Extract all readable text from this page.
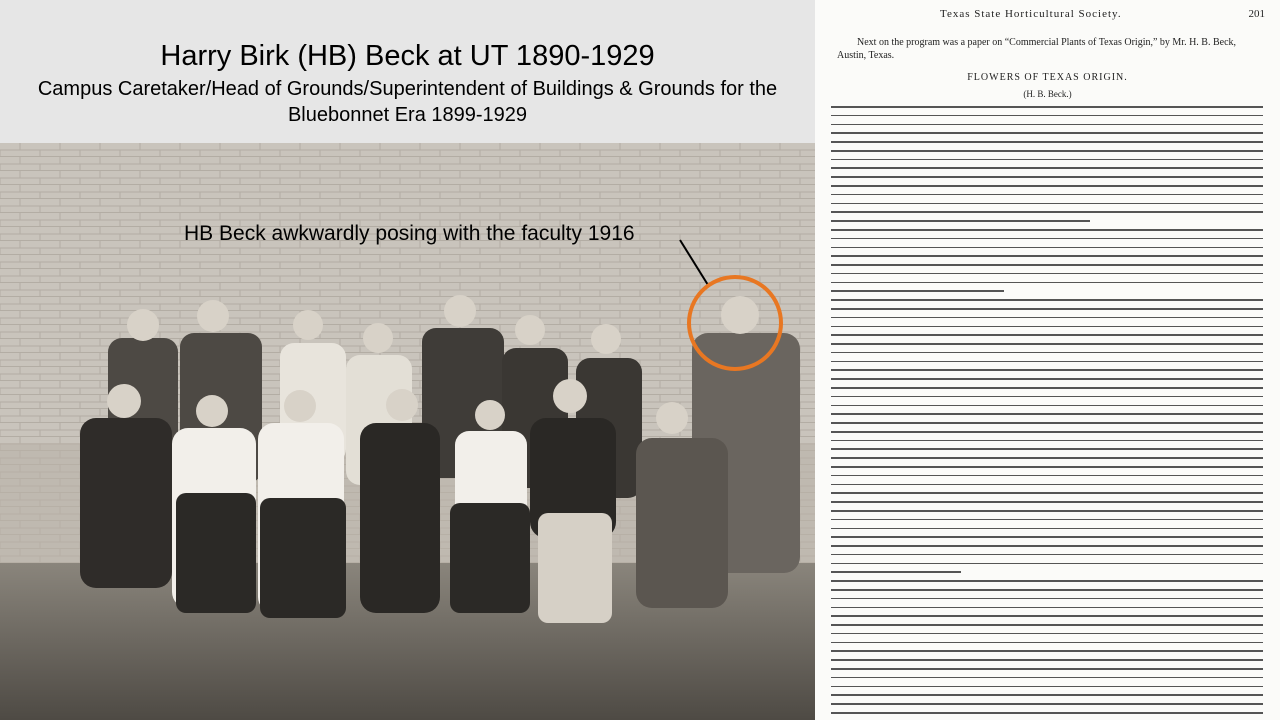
Harry Birk (HB) Beck at UT 1890-1929
Campus Caretaker/Head of Grounds/Superintendent of Buildings & Grounds for the Bluebonnet Era 1899-1929
HB Beck awkwardly posing with the faculty 1916
Texas State Horticultural Society.	201
Next on the program was a paper on “Commercial Plants of Texas Origin,” by Mr. H. B. Beck, Austin, Texas.
FLOWERS OF TEXAS ORIGIN.
(H. B. Beck.)
